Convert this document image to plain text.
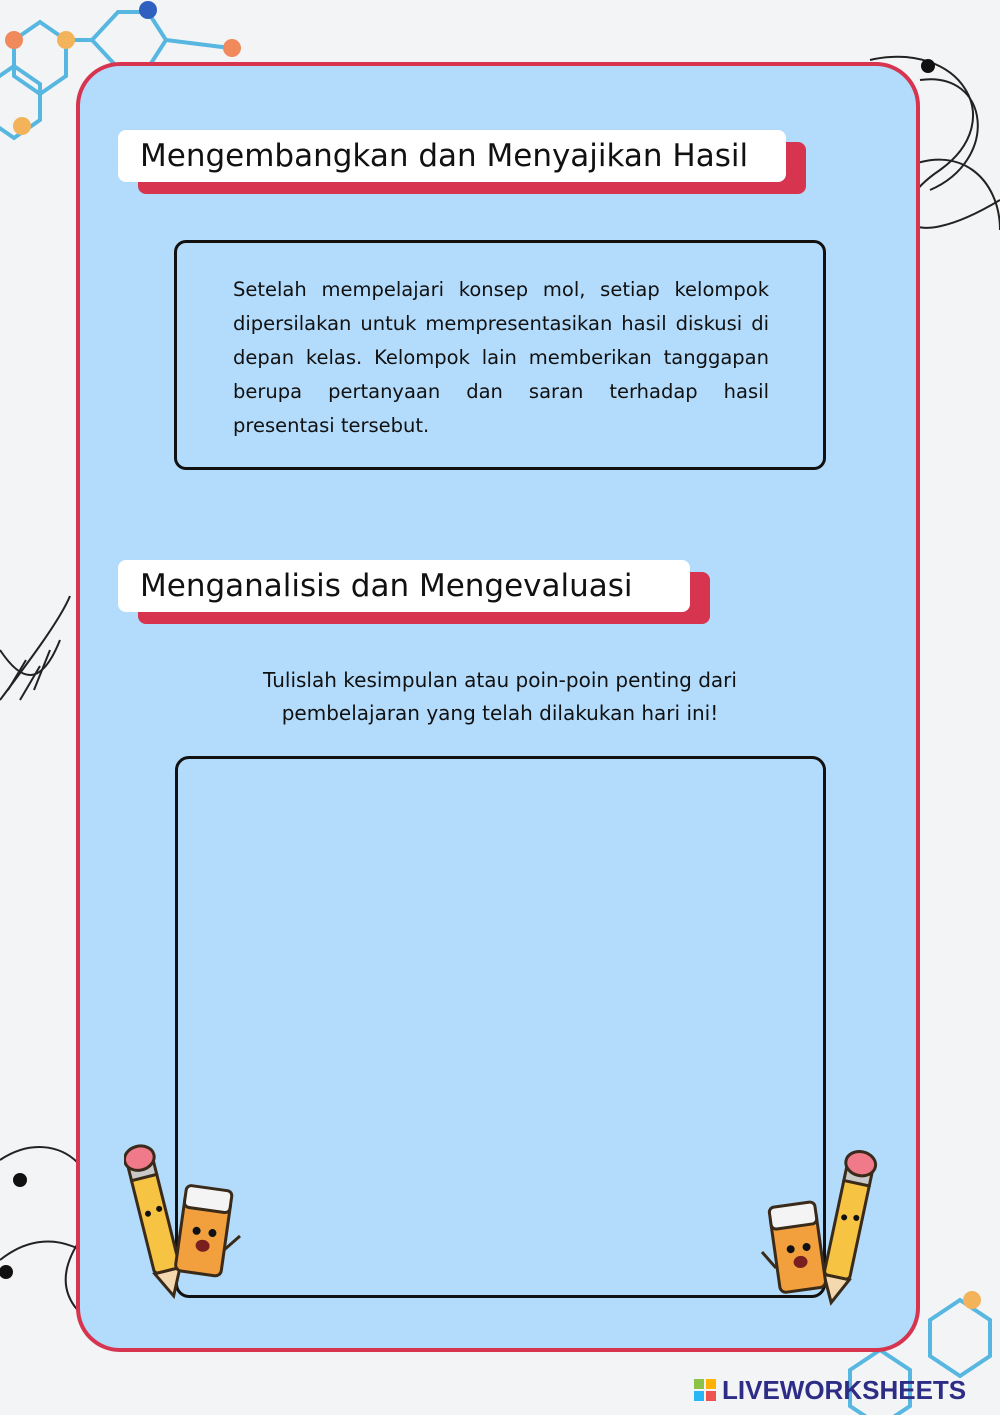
Mengembangkan dan Menyajikan Hasil

Setelah mempelajari konsep mol, setiap kelompok dipersilakan untuk mempresentasikan hasil diskusi di depan kelas. Kelompok lain memberikan tanggapan berupa pertanyaan dan saran terhadap hasil presentasi tersebut.

Menganalisis dan Mengevaluasi
Tulislah kesimpulan atau poin-poin penting dari
pembelajaran yang telah dilakukan hari ini!
LIVEWORKSHEETS
